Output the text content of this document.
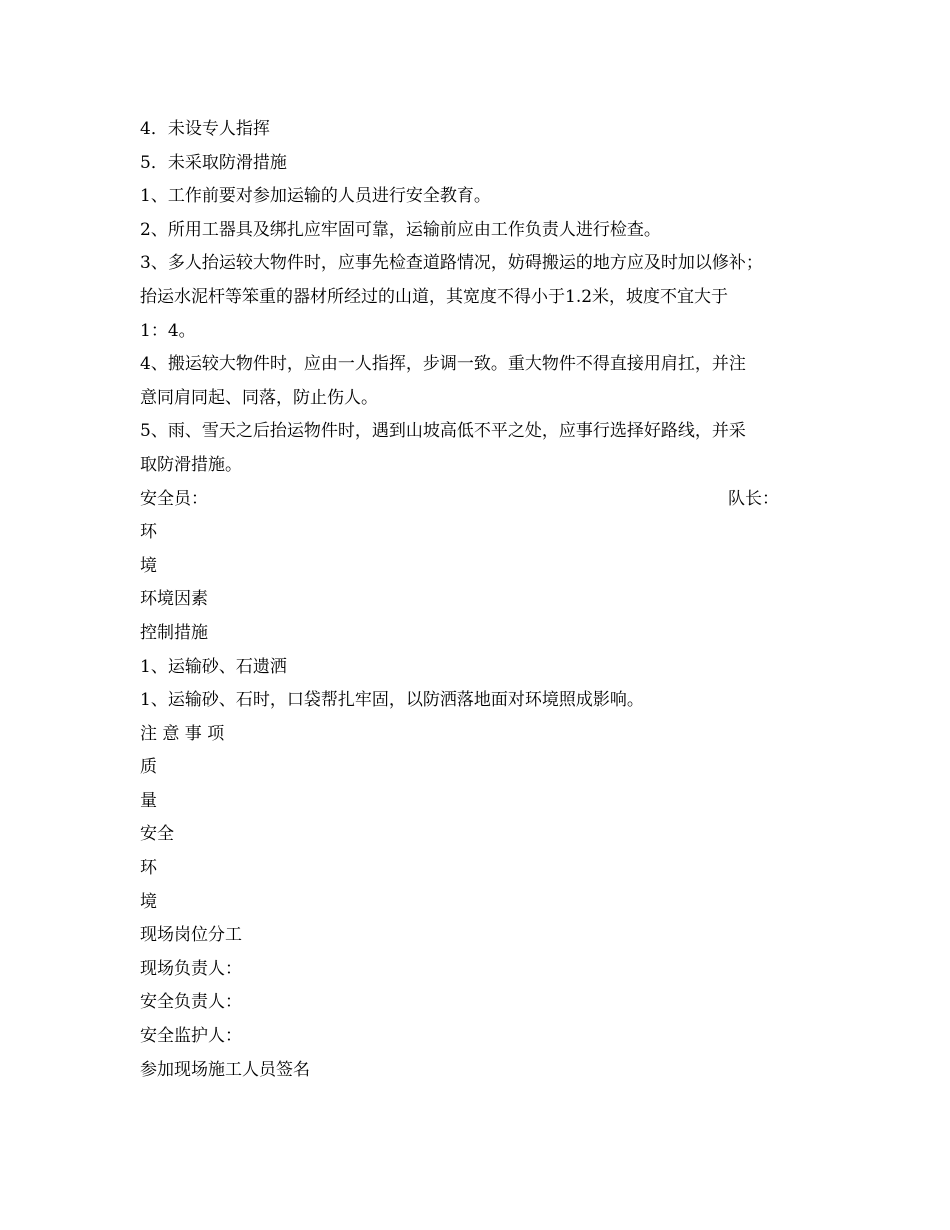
4．未设专人指挥
5．未采取防滑措施
1、工作前要对参加运输的人员进行安全教育。
2、所用工器具及绑扎应牢固可靠，运输前应由工作负责人进行检查。
3、多人抬运较大物件时，应事先检查道路情况，妨碍搬运的地方应及时加以修补；
抬运水泥杆等笨重的器材所经过的山道，其宽度不得小于1.2米，坡度不宜大于
1：4。
4、搬运较大物件时，应由一人指挥，步调一致。重大物件不得直接用肩扛，并注
意同肩同起、同落，防止伤人。
5、雨、雪天之后抬运物件时，遇到山坡高低不平之处，应事行选择好路线，并采
取防滑措施。
安全员：	队长：
环
境
环境因素
控制措施
1、运输砂、石遗洒
1、运输砂、石时，口袋帮扎牢固，以防洒落地面对环境照成影响。
注 意 事 项
质
量
安全
环
境
现场岗位分工
现场负责人：
安全负责人：
安全监护人：
参加现场施工人员签名
